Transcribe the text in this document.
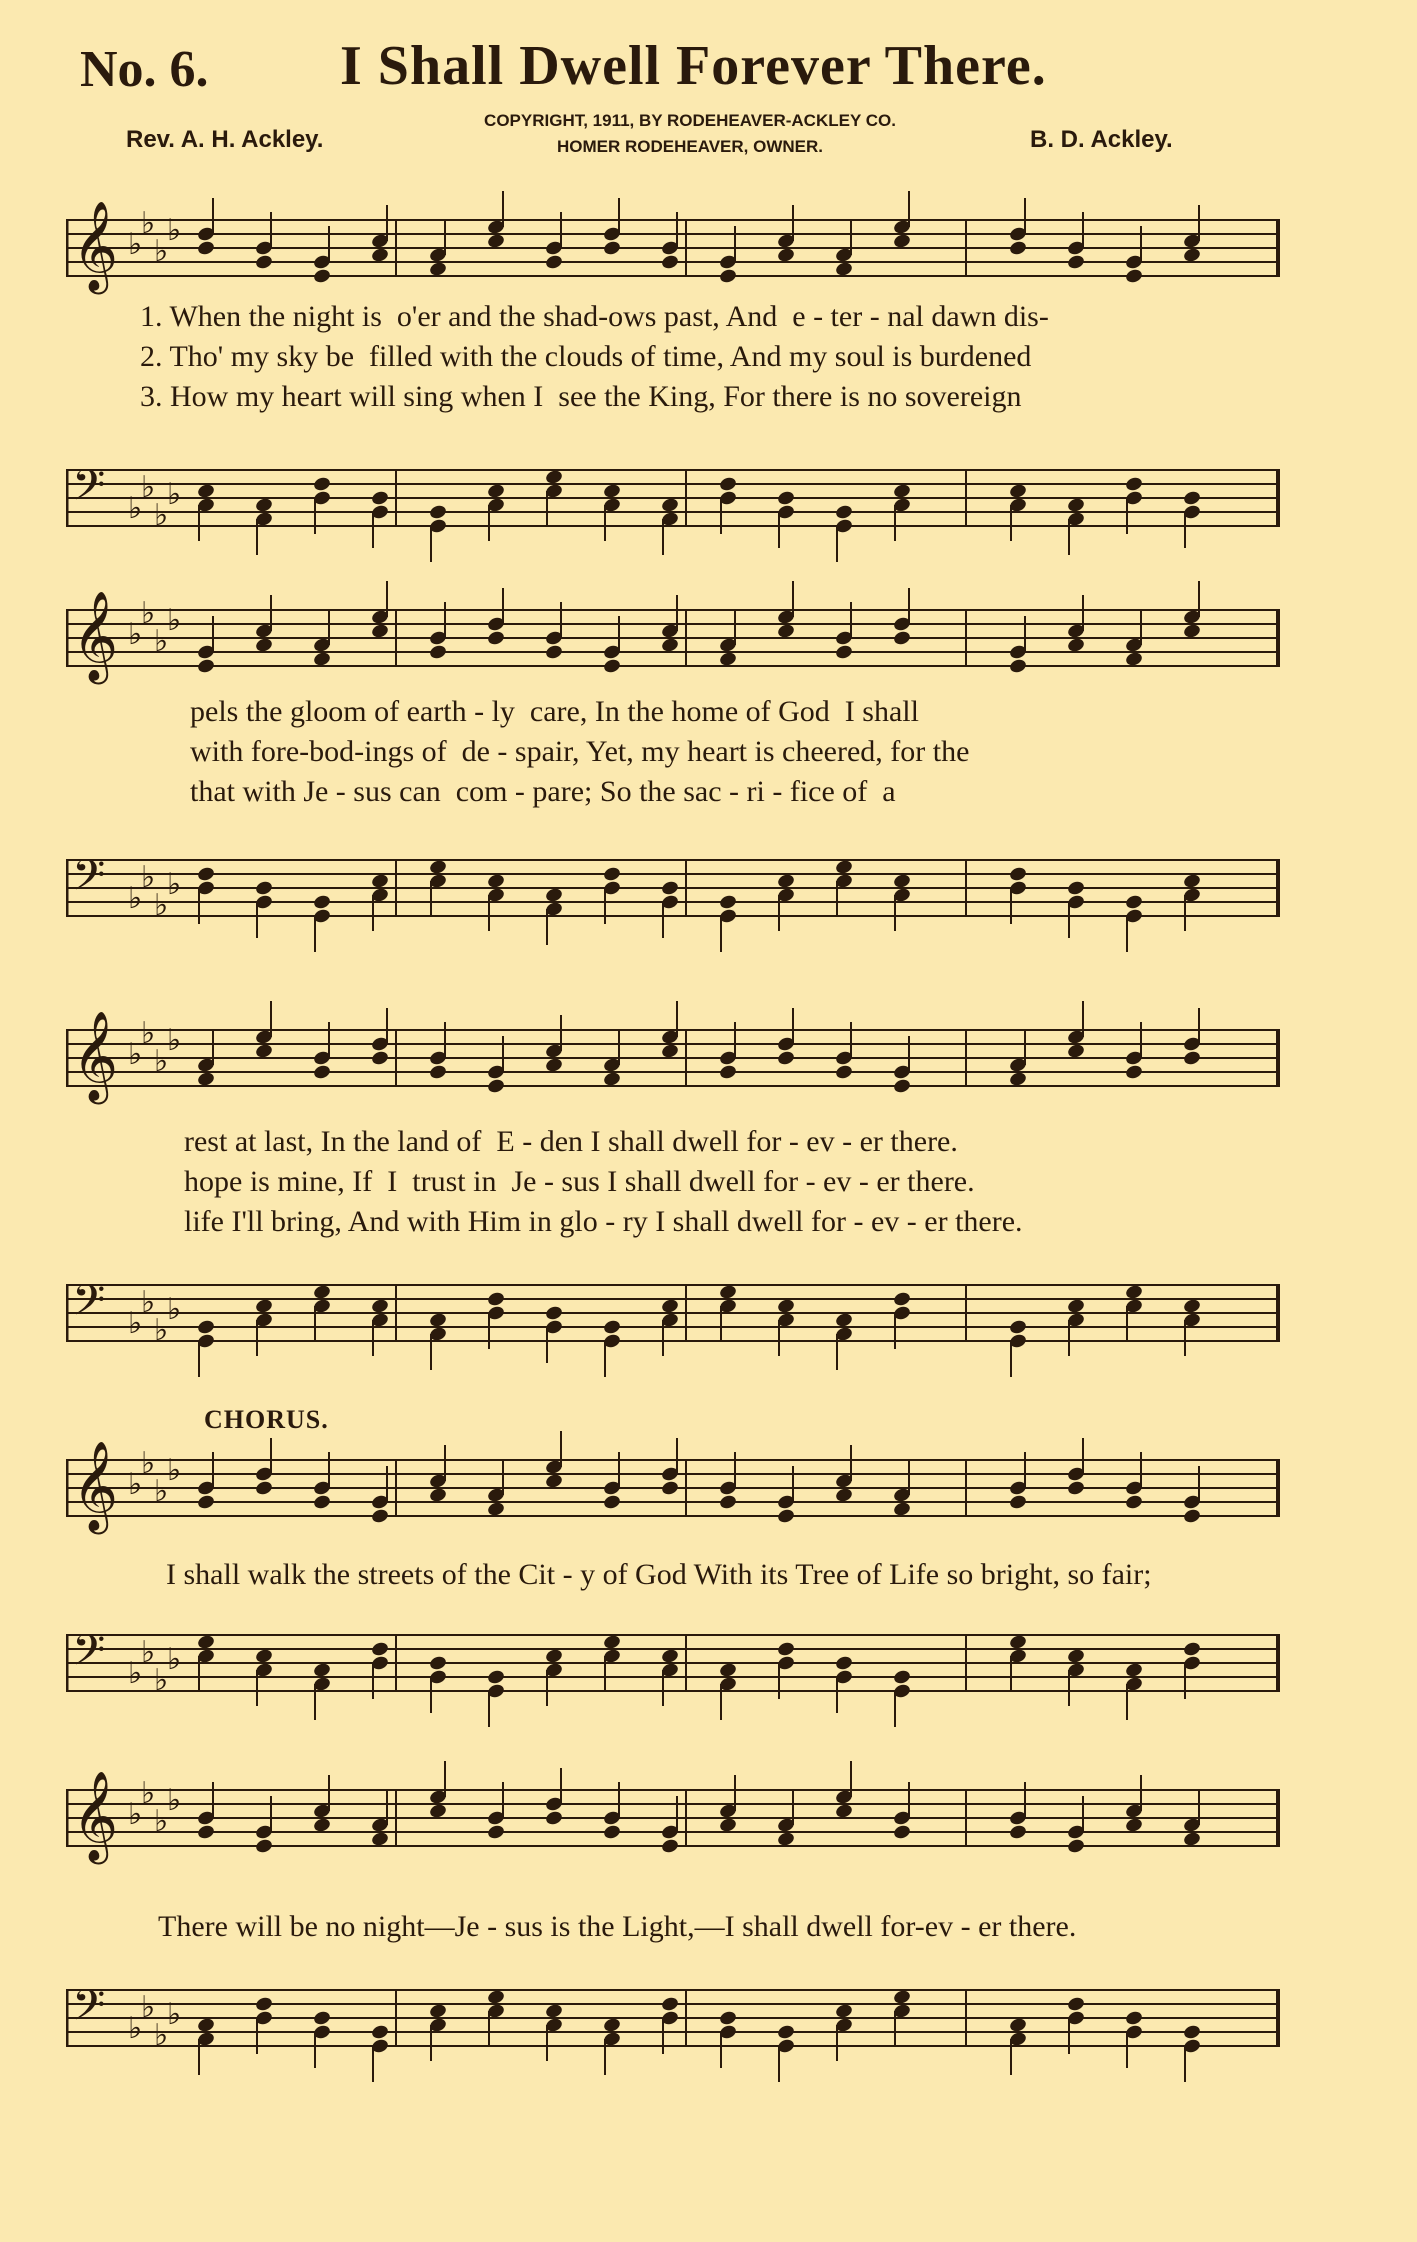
No. 6. I Shall Dwell Forever There.
COPYRIGHT, 1911, BY RODEHEAVER-ACKLEY CO.
HOMER RODEHEAVER, OWNER.
Rev. A. H. Ackley.	B. D. Ackley.
𝄞 ♭
♭
♭
♭
1. When the night is  o'er and the shad-ows past, And  e - ter - nal dawn dis-
2. Tho' my sky be  filled with the clouds of time, And my soul is burdened
3. How my heart will sing when I  see the King, For there is no sovereign
𝄢 ♭
♭
♭
♭
𝄞 ♭
♭
♭
♭
pels the gloom of earth - ly  care, In the home of God  I shall
with fore-bod-ings of  de - spair, Yet, my heart is cheered, for the
that with Je - sus can  com - pare; So the sac - ri - fice of  a
𝄢 ♭
♭
♭
♭
𝄞 ♭
♭
♭
♭
rest at last, In the land of  E - den I shall dwell for - ev - er there.
hope is mine, If  I  trust in  Je - sus I shall dwell for - ev - er there.
life I'll bring, And with Him in glo - ry I shall dwell for - ev - er there.
𝄢 ♭
♭
♭
♭
CHORUS.
𝄞 ♭
♭
♭
♭
I shall walk the streets of the Cit - y of God With its Tree of Life so bright, so fair;
𝄢 ♭
♭
♭
♭
𝄞 ♭
♭
♭
♭
There will be no night—Je - sus is the Light,—I shall dwell for-ev - er there.
𝄢 ♭
♭
♭
♭
